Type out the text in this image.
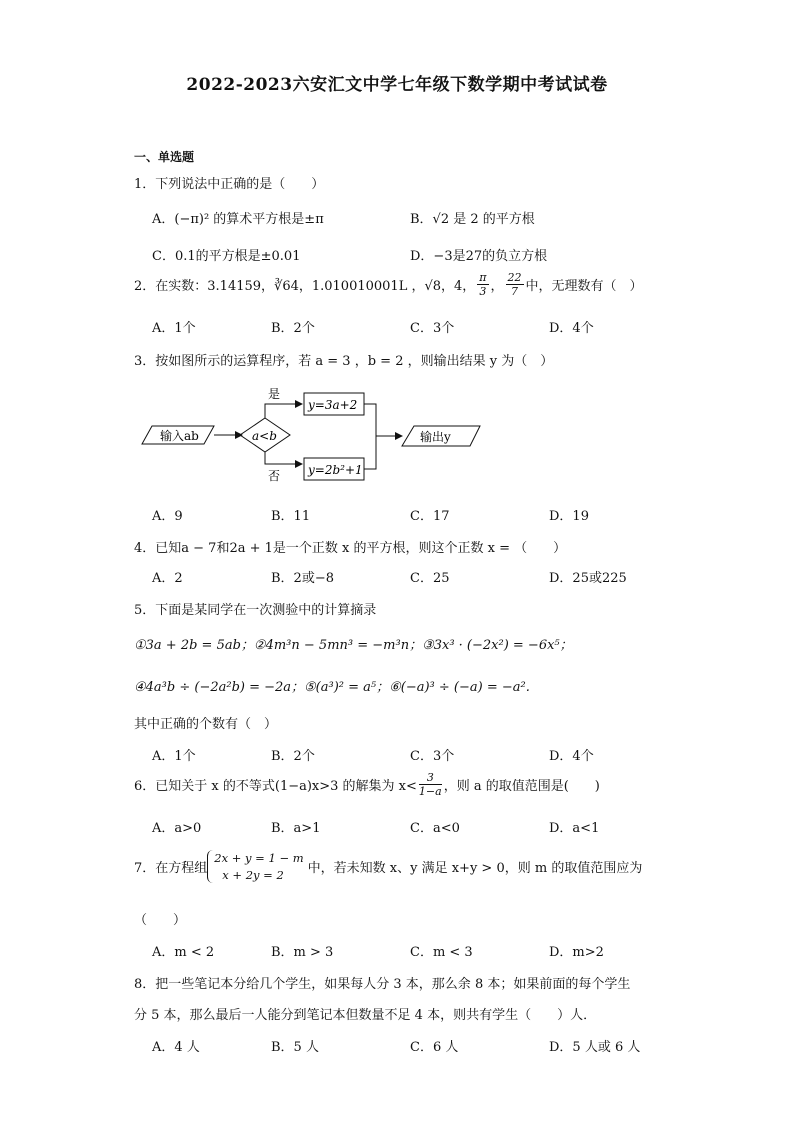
2022-2023六安汇文中学七年级下数学期中考试试卷
一、单选题
1．下列说法中正确的是（　　）
A．(−π)² 的算术平方根是±π	B．√2 是 2 的平方根
C．0.1的平方根是±0.01	D．−3是27的负立方根
2．在实数：3.14159，∛64，1.010010001L ，√8，4， $\frac{\pi}{3}$ ， $\frac{22}{7}$ 中，无理数有（　）
A．1个	B．2个	C．3个	D．4个
3．按如图所示的运算程序，若 a = 3 ，b = 2 ，则输出结果 y 为（　）
输入ab	a<b
是
否
y=3a+2
y=2b²+1
输出y
A．9	B．11	C．17	D．19
4．已知a − 7和2a + 1是一个正数 x 的平方根，则这个正数 x = （　　）
A．2	B．2或−8	C．25	D．25或225
5．下面是某同学在一次测验中的计算摘录
①3a + 2b = 5ab；②4m³n − 5mn³ = −m³n；③3x³ · (−2x²) = −6x⁵；
④4a³b ÷ (−2a²b) = −2a；⑤(a³)² = a⁵；⑥(−a)³ ÷ (−a) = −a².
其中正确的个数有（　）
A．1个	B．2个	C．3个	D．4个
6．已知关于 x 的不等式(1−a)x>3 的解集为 $x< \frac{3}{1-a}$ ，则 a 的取值范围是(　　)
A．a>0	B．a>1	C．a<0	D．a<1
7．在方程组
2x + y = 1 − m
x + 2y = 2	中，若未知数 x、y 满足 x+y > 0，则 m 的取值范围应为
（　　）
A．m < 2	B．m > 3	C．m < 3	D．m>2
8．把一些笔记本分给几个学生，如果每人分 3 本，那么余 8 本；如果前面的每个学生
分 5 本，那么最后一人能分到笔记本但数量不足 4 本，则共有学生（　　）人．
A．4 人	B．5 人	C．6 人	D．5 人或 6 人
